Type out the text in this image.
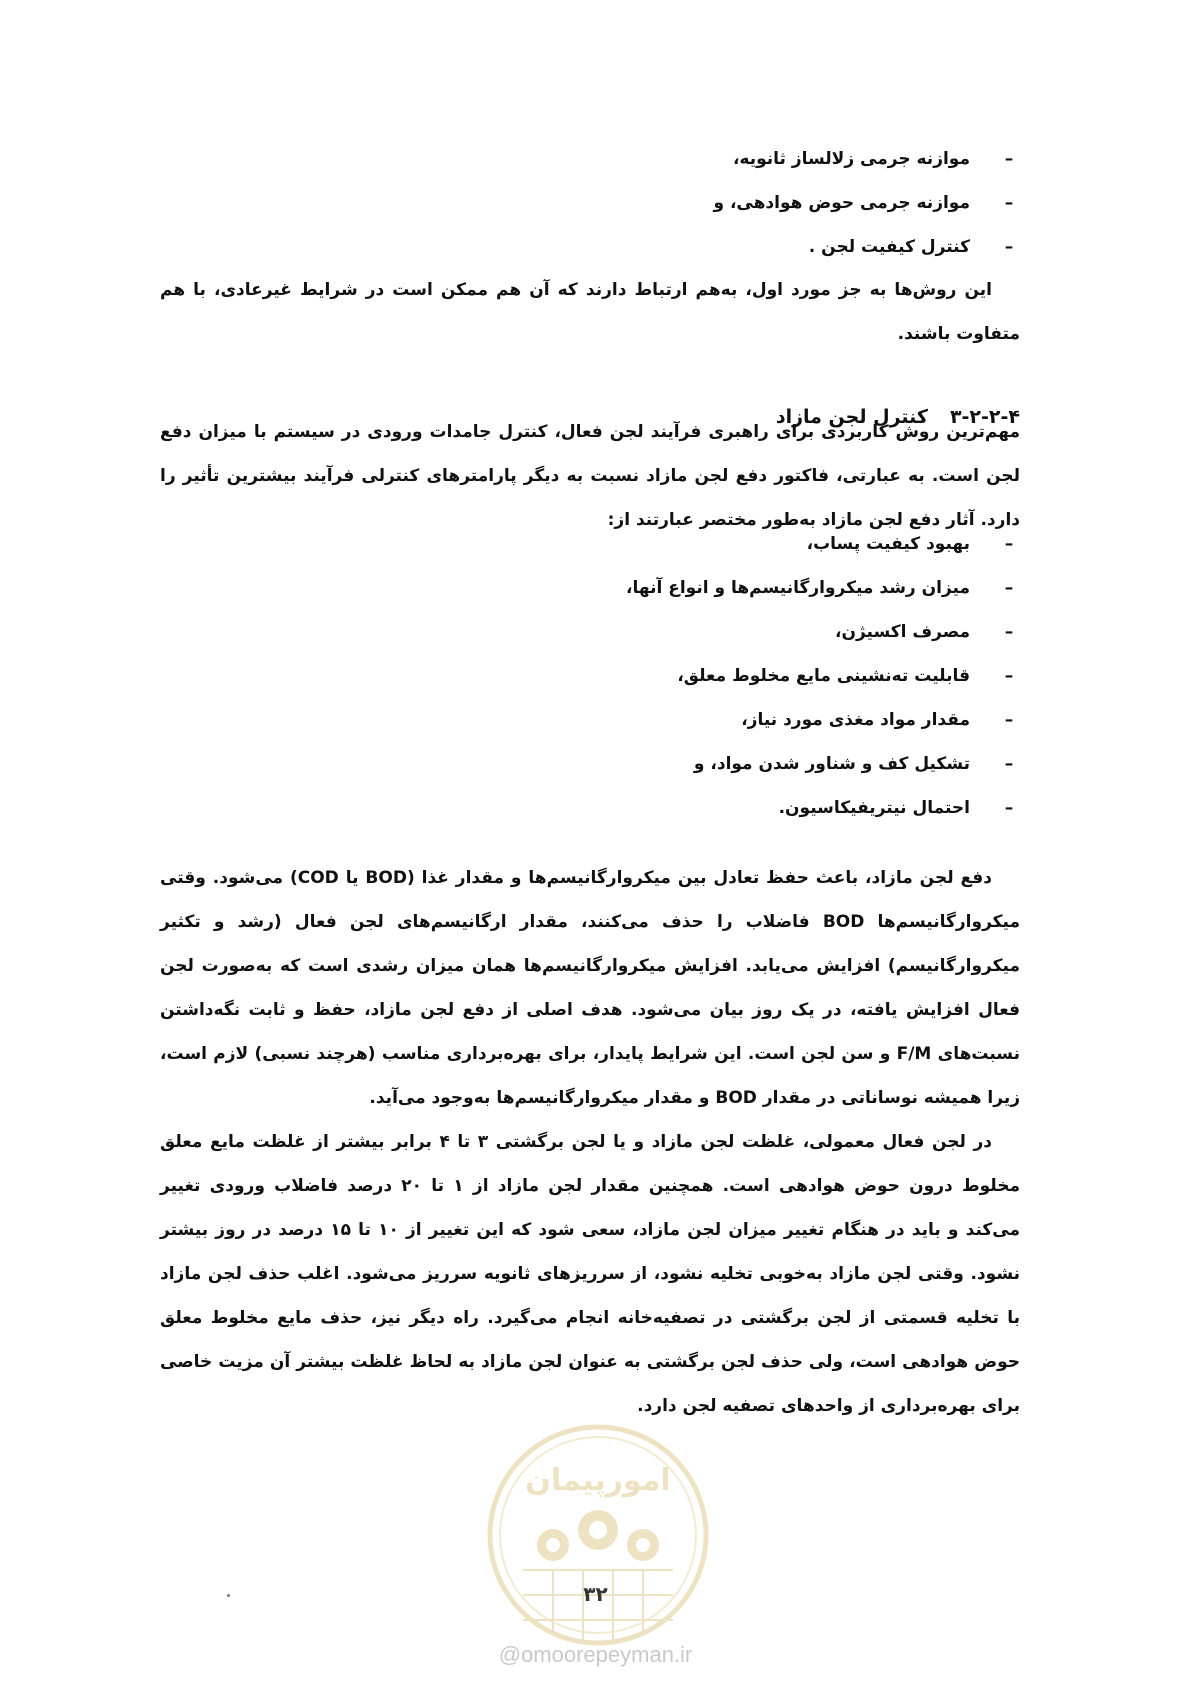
–موازنه جرمی زلالساز ثانویه،
–موازنه جرمی حوض هوادهی، و
–کنترل کیفیت لجن .

این روش‌ها به جز مورد اول، به‌هم ارتباط دارند که آن هم ممکن است در شرایط غیرعادی، با هم متفاوت باشند.

۳-۲-۲-۴کنترل لجن مازاد

مهم‌ترین روش کاربردی برای راهبری فرآیند لجن فعال، کنترل جامدات ورودی در سیستم با میزان دفع لجن است. به عبارتی، فاکتور دفع لجن مازاد نسبت به دیگر پارامترهای کنترلی فرآیند بیشترین تأثیر را دارد. آثار دفع لجن مازاد به‌طور مختصر عبارتند از:

–بهبود کیفیت پساب،
–میزان رشد میکروارگانیسم‌ها و انواع آنها،
–مصرف اکسیژن،
–قابلیت ته‌نشینی مایع مخلوط معلق،
–مقدار مواد مغذی مورد نیاز،
–تشکیل کف و شناور شدن مواد، و
–احتمال نیتریفیکاسیون.

دفع لجن مازاد، باعث حفظ تعادل بین میکروارگانیسم‌ها و مقدار غذا (BOD یا COD) می‌شود. وقتی میکروارگانیسم‌ها BOD فاضلاب را حذف می‌کنند، مقدار ارگانیسم‌های لجن فعال (رشد و تکثیر میکروارگانیسم) افزایش می‌یابد. افزایش میکروارگانیسم‌ها همان میزان رشدی است که به‌صورت لجن فعال افزایش یافته، در یک روز بیان می‌شود. هدف اصلی از دفع لجن مازاد، حفظ و ثابت نگه‌داشتن نسبت‌های F/M و سن لجن است. این شرایط پایدار، برای بهره‌برداری مناسب (هرچند نسبی) لازم است، زیرا همیشه نوساناتی در مقدار BOD و مقدار میکروارگانیسم‌ها به‌وجود می‌آید.

در لجن فعال معمولی، غلظت لجن مازاد و یا لجن برگشتی ۳ تا ۴ برابر بیشتر از غلظت مایع معلق مخلوط درون حوض هوادهی است. همچنین مقدار لجن مازاد از ۱ تا ۲۰ درصد فاضلاب ورودی تغییر می‌کند و باید در هنگام تغییر میزان لجن مازاد، سعی شود که این تغییر از ۱۰ تا ۱۵ درصد در روز بیشتر نشود. وقتی لجن مازاد به‌خوبی تخلیه نشود، از سرریزهای ثانویه سرریز می‌شود. اغلب حذف لجن مازاد با تخلیه قسمتی از لجن برگشتی در تصفیه‌خانه انجام می‌گیرد. راه دیگر نیز، حذف مایع مخلوط معلق حوض هوادهی است، ولی حذف لجن برگشتی به عنوان لجن مازاد به لحاظ غلظت بیشتر آن مزیت خاصی برای بهره‌برداری از واحدهای تصفیه لجن دارد.

امورپیمان
۳۲
@omoorepeyman.ir
